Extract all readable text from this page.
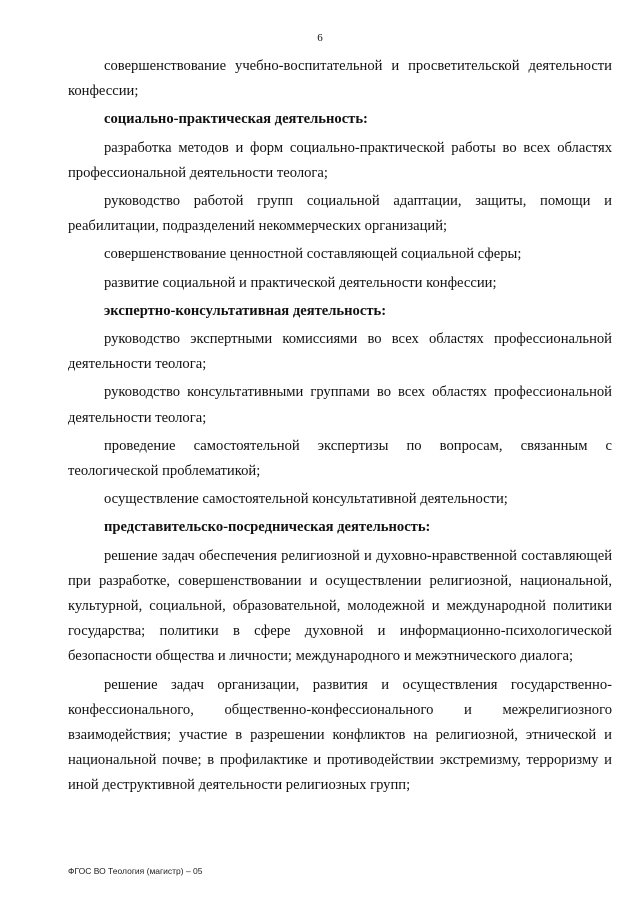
6

совершенствование учебно-воспитательной и просветительской деятельности конфессии;

социально-практическая деятельность:

разработка методов и форм социально-практической работы во всех областях профессиональной деятельности теолога;

руководство работой групп социальной адаптации, защиты, помощи и реабилитации, подразделений некоммерческих организаций;

совершенствование ценностной составляющей социальной сферы;

развитие социальной и практической деятельности конфессии;

экспертно-консультативная деятельность:

руководство экспертными комиссиями во всех областях профессиональной деятельности теолога;

руководство консультативными группами во всех областях профессиональной деятельности теолога;

проведение самостоятельной экспертизы по вопросам, связанным с теологической проблематикой;

осуществление самостоятельной консультативной деятельности;

представительско-посредническая деятельность:

решение задач обеспечения религиозной и духовно-нравственной составляющей при разработке, совершенствовании и осуществлении религиозной, национальной, культурной, социальной, образовательной, молодежной и международной политики государства; политики в сфере духовной и информационно-психологической безопасности общества и личности; международного и межэтнического диалога;

решение задач организации, развития и осуществления государственно-конфессионального, общественно-конфессионального и межрелигиозного взаимодействия; участие в разрешении конфликтов на религиозной, этнической и национальной почве; в профилактике и противодействии экстремизму, терроризму и иной деструктивной деятельности религиозных групп;

ФГОС ВО Теология (магистр) – 05
